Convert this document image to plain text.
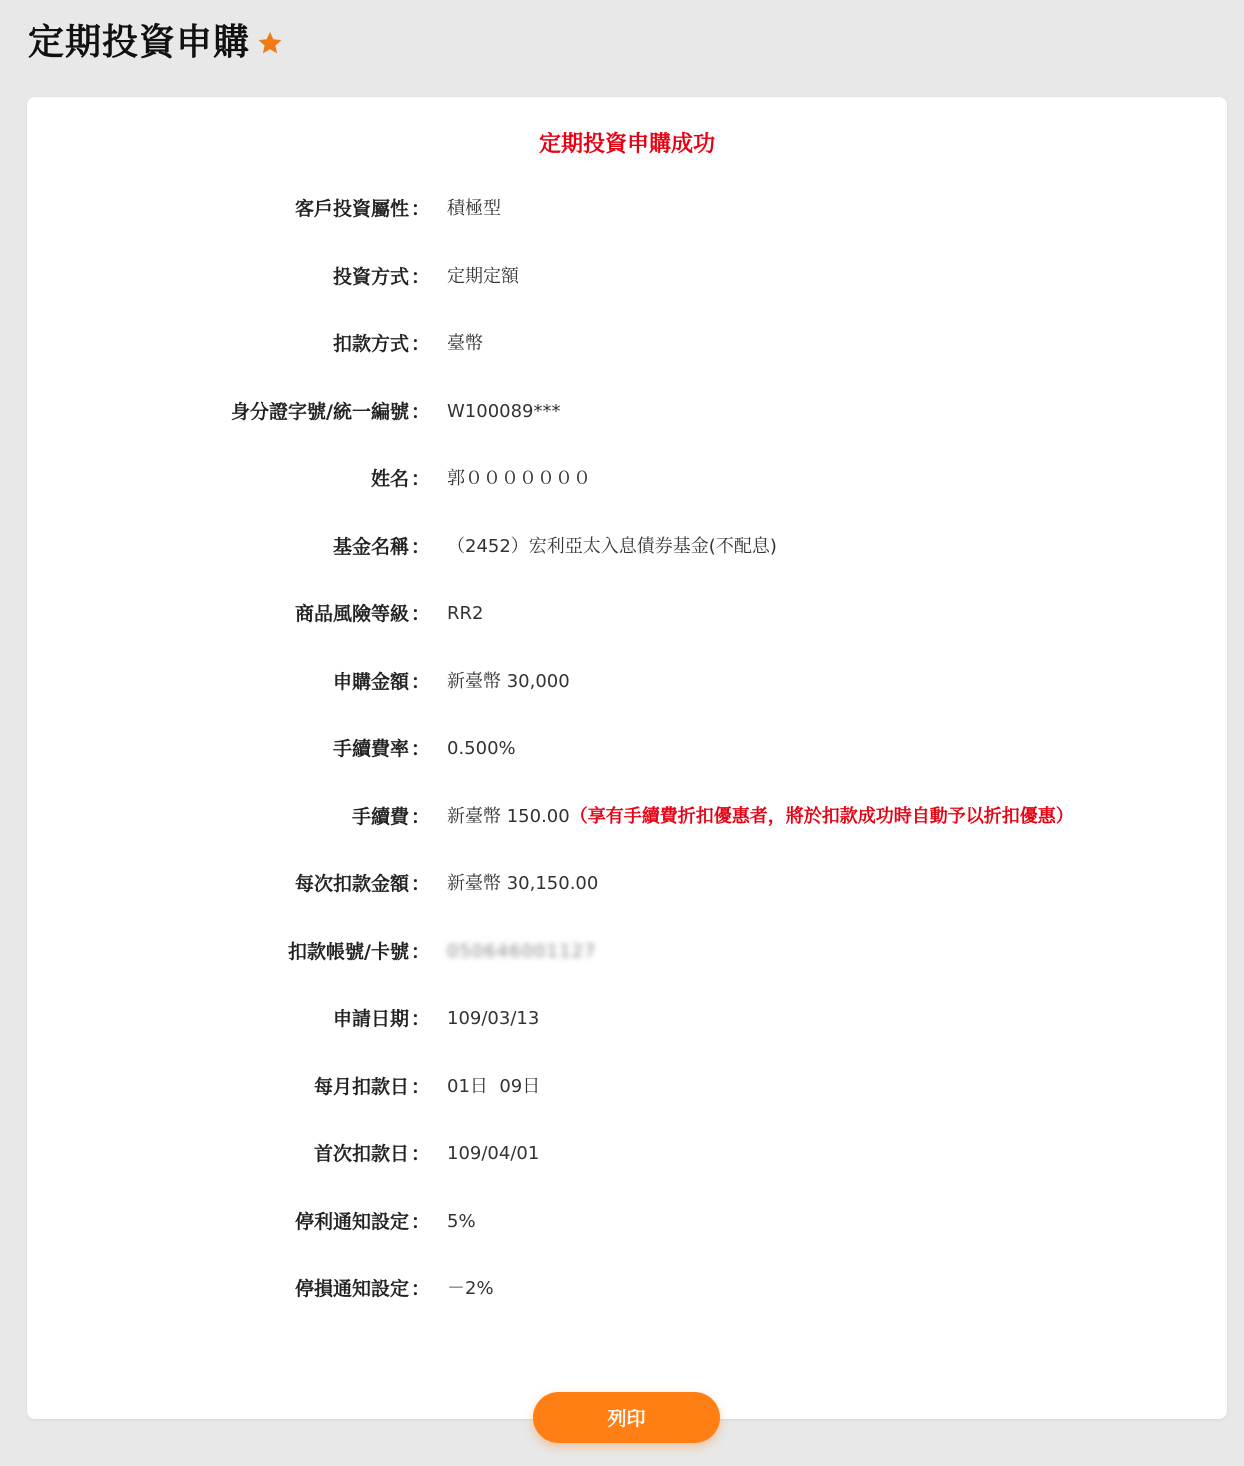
定期投資申購
定期投資申購成功
客戶投資屬性 ： 積極型
投資方式 ： 定期定額
扣款方式 ： 臺幣
身分證字號/統一編號 ： W100089***
姓名 ： 郭０００００００
基金名稱 ： （2452）宏利亞太入息債券基金(不配息)
商品風險等級 ： RR2
申購金額 ： 新臺幣 30,000
手續費率 ： 0.500%
手續費 ： 新臺幣 150.00（享有手續費折扣優惠者，將於扣款成功時自動予以折扣優惠）
每次扣款金額 ： 新臺幣 30,150.00
扣款帳號/卡號 ： 050646001127
申請日期 ： 109/03/13
每月扣款日 ： 01日  09日
首次扣款日 ： 109/04/01
停利通知設定 ： 5%
停損通知設定 ： －2%
列印
